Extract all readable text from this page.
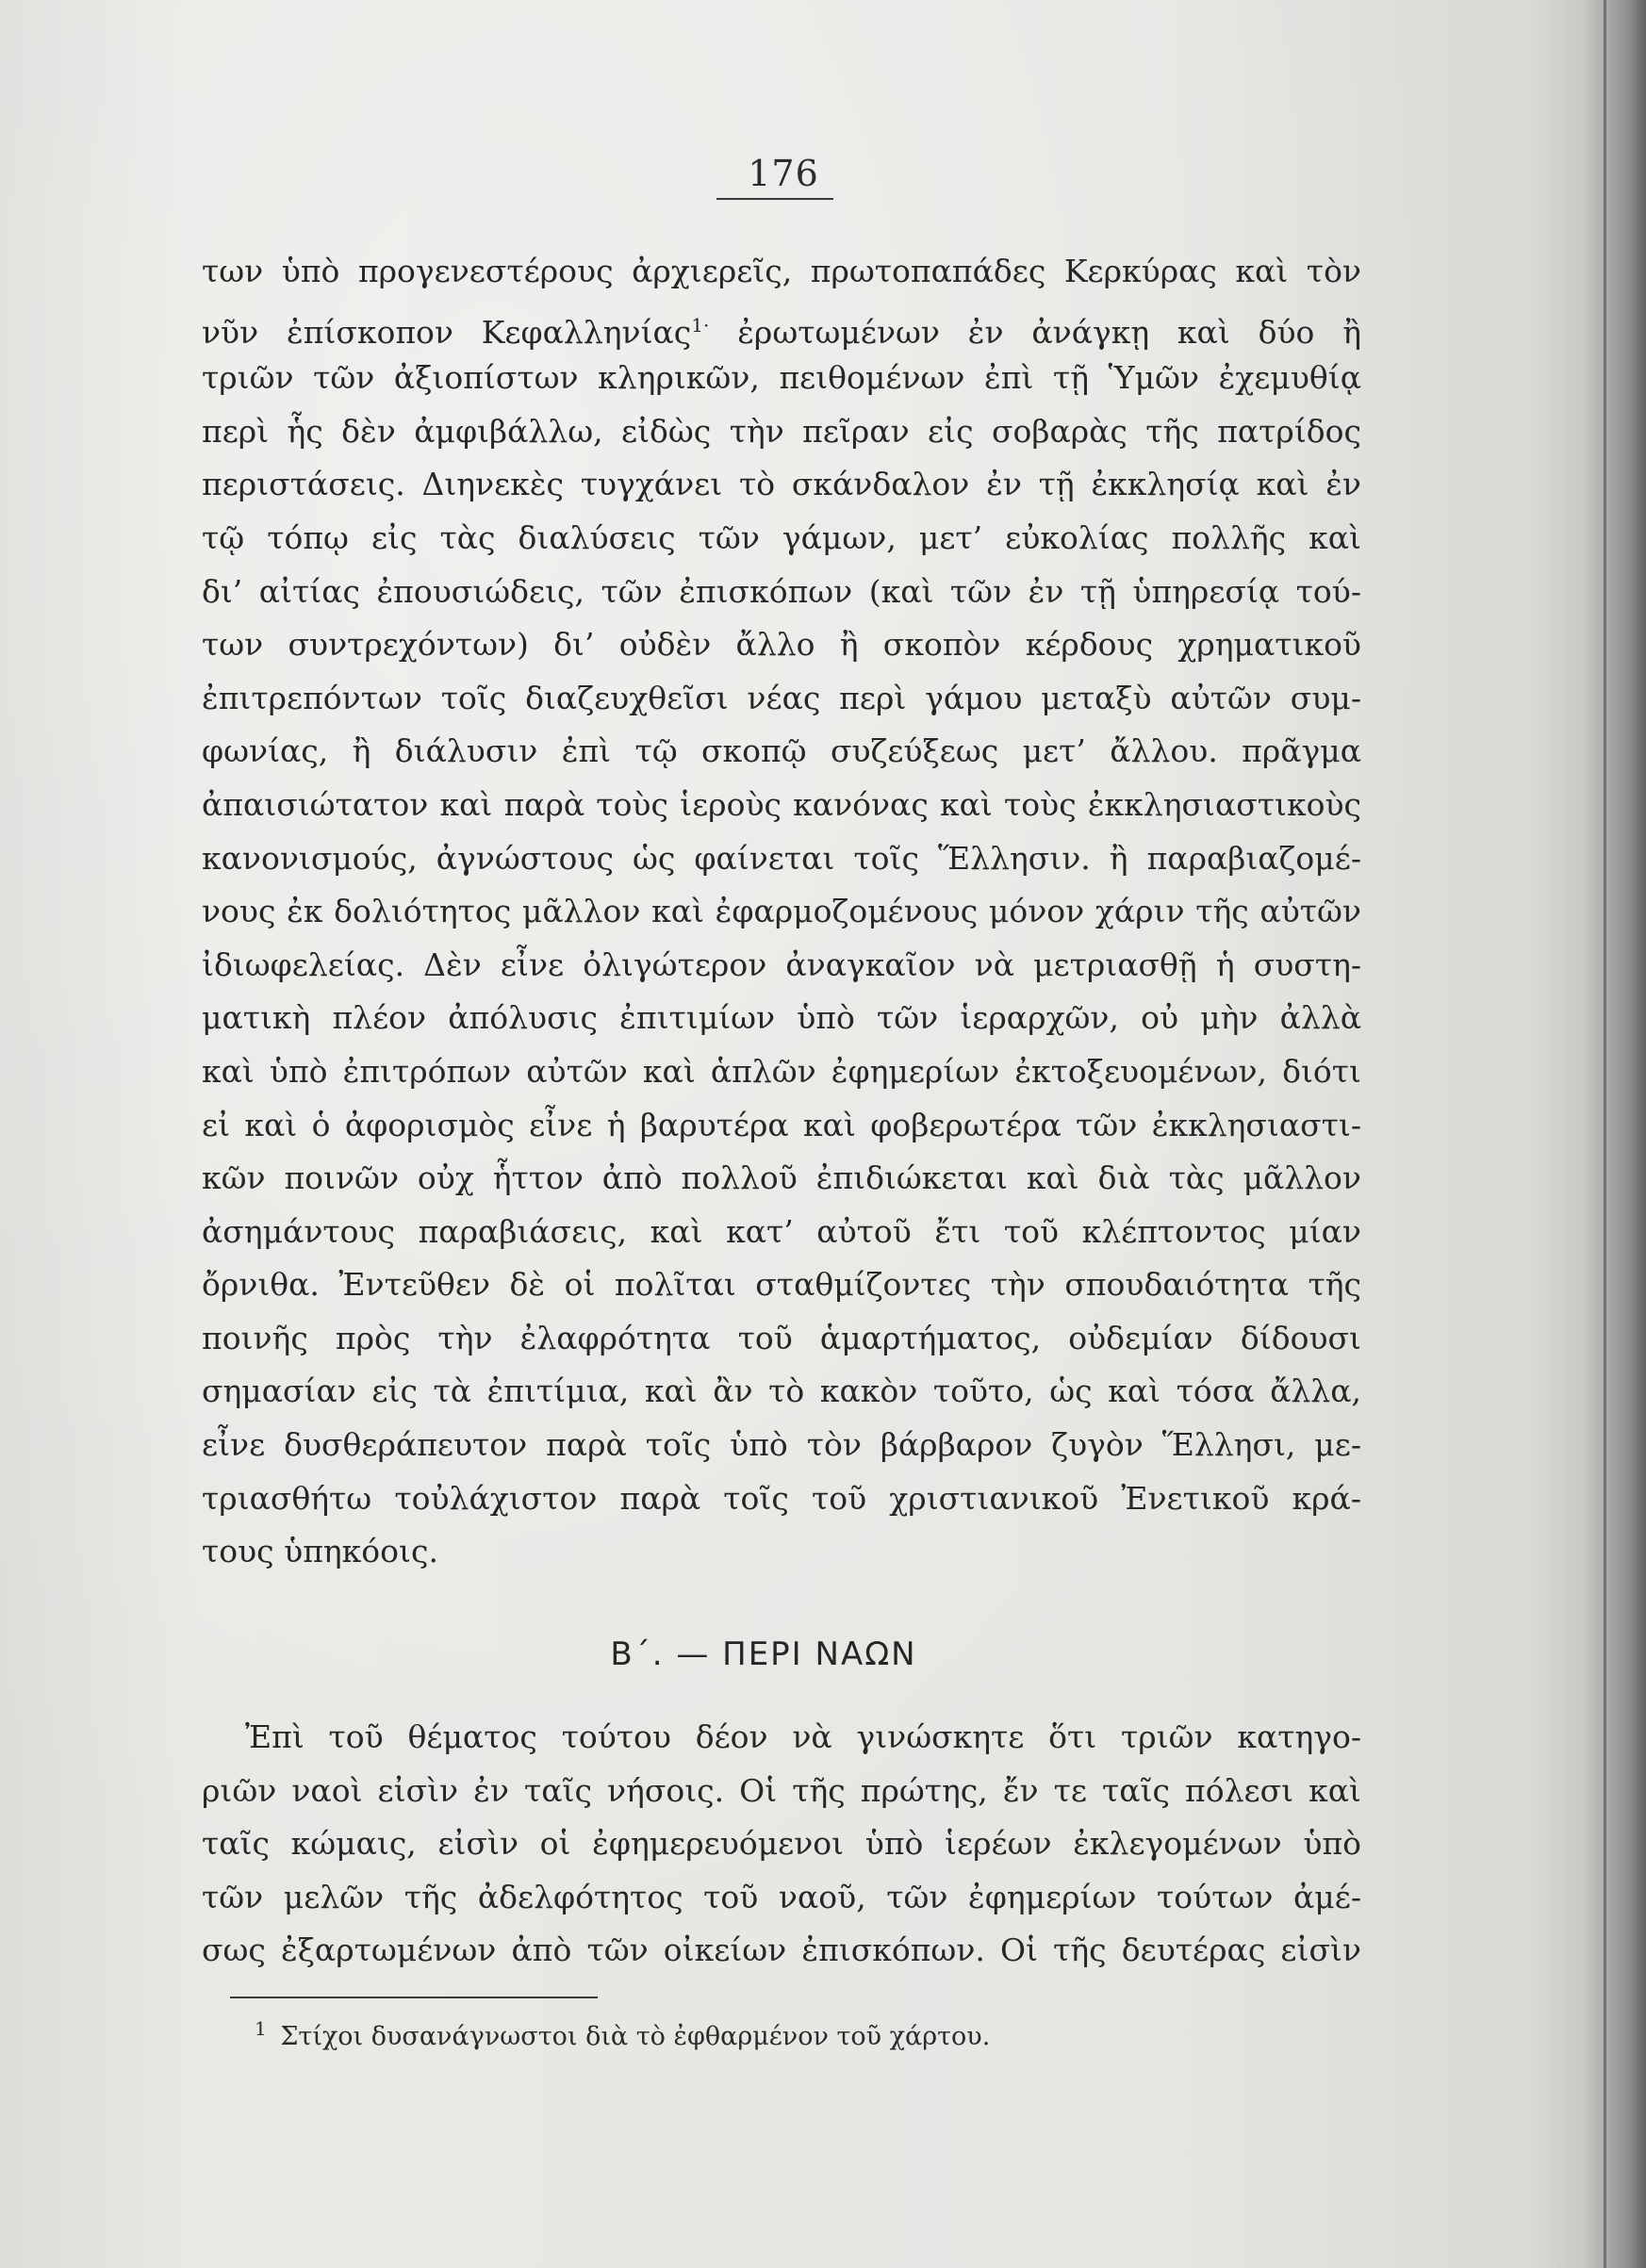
176
των ὑπὸ προγενεστέρους ἀρχιερεῖς, πρωτοπαπάδες Κερκύρας καὶ τὸν
νῦν ἐπίσκοπον Κεφαλληνίας$^{1\cdot}$ ἐρωτωμένων ἐν ἀνάγκῃ καὶ δύο ἢ
τριῶν τῶν ἀξιοπίστων κληρικῶν, πειθομένων ἐπὶ τῇ Ὑμῶν ἐχεμυθίᾳ
περὶ ἧς δὲν ἀμφιβάλλω, εἰδὼς τὴν πεῖραν εἰς σοβαρὰς τῆς πατρίδος
περιστάσεις. Διηνεκὲς τυγχάνει τὸ σκάνδαλον ἐν τῇ ἐκκλησίᾳ καὶ ἐν
τῷ τόπῳ εἰς τὰς διαλύσεις τῶν γάμων, μετ’ εὐκολίας πολλῆς καὶ
δι’ αἰτίας ἐπουσιώδεις, τῶν ἐπισκόπων (καὶ τῶν ἐν τῇ ὑπηρεσίᾳ τού-
των συντρεχόντων) δι’ οὐδὲν ἄλλο ἢ σκοπὸν κέρδους χρηματικοῦ
ἐπιτρεπόντων τοῖς διαζευχθεῖσι νέας περὶ γάμου μεταξὺ αὐτῶν συμ-
φωνίας, ἢ διάλυσιν ἐπὶ τῷ σκοπῷ συζεύξεως μετ’ ἄλλου. πρᾶγμα
ἀπαισιώτατον καὶ παρὰ τοὺς ἱεροὺς κανόνας καὶ τοὺς ἐκκλησιαστικοὺς
κανονισμούς, ἀγνώστους ὡς φαίνεται τοῖς Ἕλλησιν. ἢ παραβιαζομέ-
νους ἐκ δολιότητος μᾶλλον καὶ ἐφαρμοζομένους μόνον χάριν τῆς αὐτῶν
ἰδιωφελείας. Δὲν εἶνε ὀλιγώτερον ἀναγκαῖον νὰ μετριασθῇ ἡ συστη-
ματικὴ πλέον ἀπόλυσις ἐπιτιμίων ὑπὸ τῶν ἱεραρχῶν, οὐ μὴν ἀλλὰ
καὶ ὑπὸ ἐπιτρόπων αὐτῶν καὶ ἁπλῶν ἐφημερίων ἐκτοξευομένων, διότι
εἰ καὶ ὁ ἀφορισμὸς εἶνε ἡ βαρυτέρα καὶ φοβερωτέρα τῶν ἐκκλησιαστι-
κῶν ποινῶν οὐχ ἧττον ἀπὸ πολλοῦ ἐπιδιώκεται καὶ διὰ τὰς μᾶλλον
ἀσημάντους παραβιάσεις, καὶ κατ’ αὐτοῦ ἔτι τοῦ κλέπτοντος μίαν
ὄρνιθα. Ἐντεῦθεν δὲ οἱ πολῖται σταθμίζοντες τὴν σπουδαιότητα τῆς
ποινῆς πρὸς τὴν ἐλαφρότητα τοῦ ἁμαρτήματος, οὐδεμίαν δίδουσι
σημασίαν εἰς τὰ ἐπιτίμια, καὶ ἂν τὸ κακὸν τοῦτο, ὡς καὶ τόσα ἄλλα,
εἶνε δυσθεράπευτον παρὰ τοῖς ὑπὸ τὸν βάρβαρον ζυγὸν Ἕλλησι, με-
τριασθήτω τοὐλάχιστον παρὰ τοῖς τοῦ χριστιανικοῦ Ἐνετικοῦ κρά-
τους ὑπηκόοις.
Β΄. — ΠΕΡΙ ΝΑΩΝ
Ἐπὶ τοῦ θέματος τούτου δέον νὰ γινώσκητε ὅτι τριῶν κατηγο-
ριῶν ναοὶ εἰσὶν ἐν ταῖς νήσοις. Οἱ τῆς πρώτης, ἔν τε ταῖς πόλεσι καὶ
ταῖς κώμαις, εἰσὶν οἱ ἐφημερευόμενοι ὑπὸ ἱερέων ἐκλεγομένων ὑπὸ
τῶν μελῶν τῆς ἀδελφότητος τοῦ ναοῦ, τῶν ἐφημερίων τούτων ἀμέ-
σως ἐξαρτωμένων ἀπὸ τῶν οἰκείων ἐπισκόπων. Οἱ τῆς δευτέρας εἰσὶν
$^1$ Στίχοι δυσανάγνωστοι διὰ τὸ ἐφθαρμένον τοῦ χάρτου.
